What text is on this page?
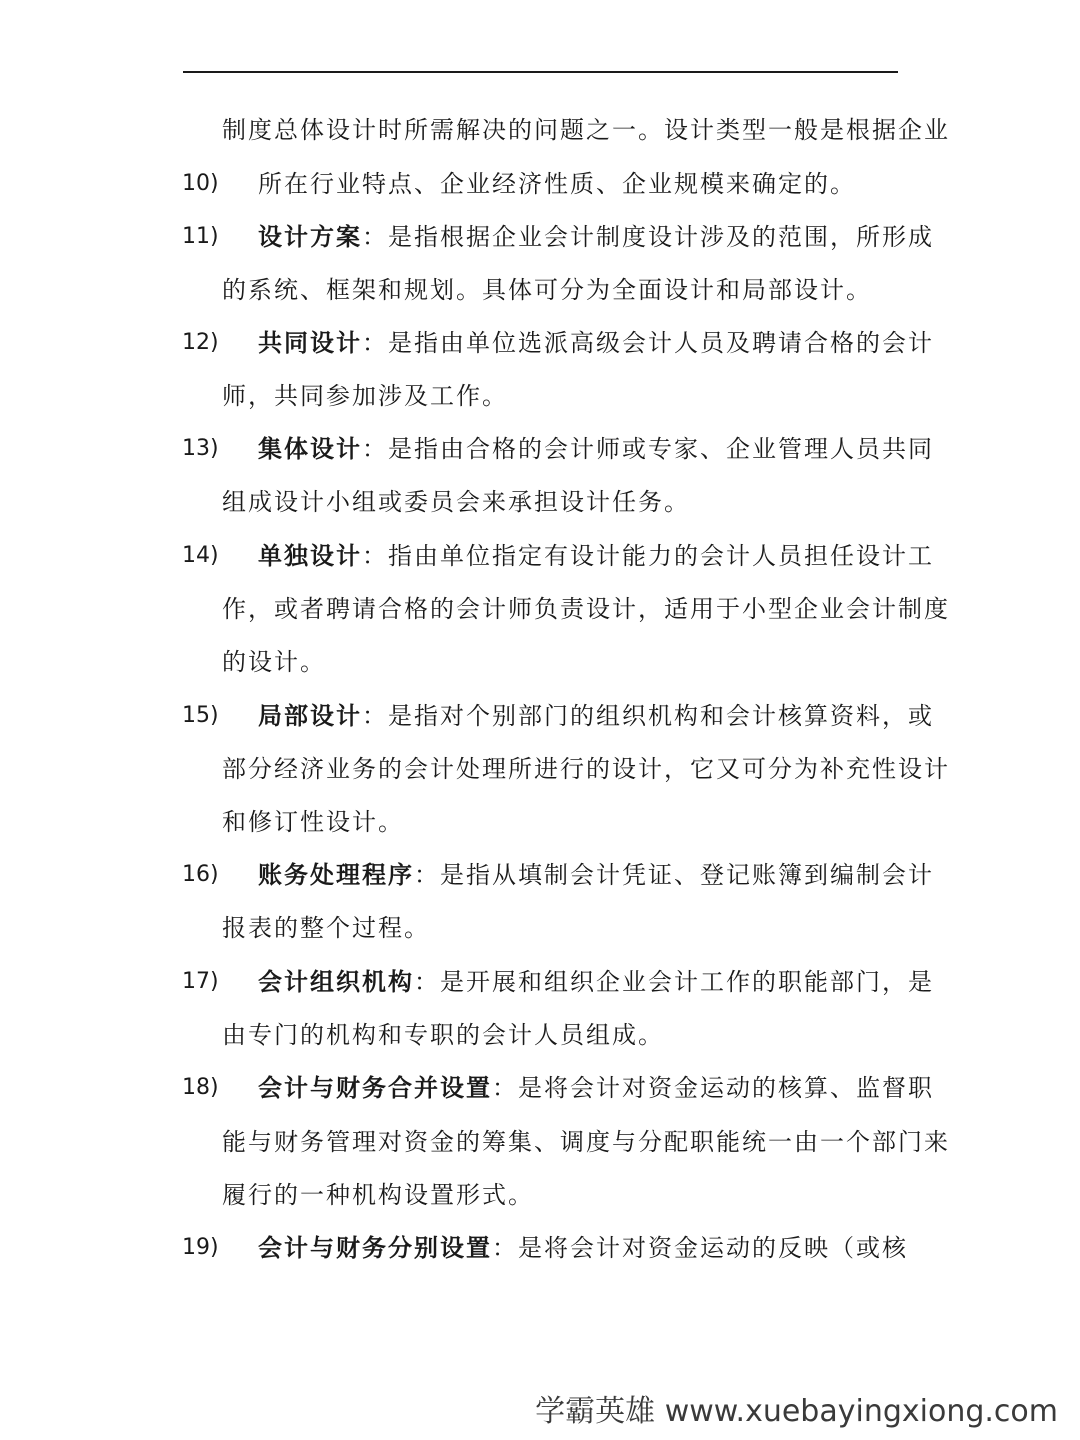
制度总体设计时所需解决的问题之一。设计类型一般是根据企业
10) 所在行业特点、企业经济性质、企业规模来确定的。
11) 设计方案：是指根据企业会计制度设计涉及的范围，所形成
的系统、框架和规划。具体可分为全面设计和局部设计。
12) 共同设计：是指由单位选派高级会计人员及聘请合格的会计
师，共同参加涉及工作。
13) 集体设计：是指由合格的会计师或专家、企业管理人员共同
组成设计小组或委员会来承担设计任务。
14) 单独设计：指由单位指定有设计能力的会计人员担任设计工
作，或者聘请合格的会计师负责设计，适用于小型企业会计制度
的设计。
15) 局部设计：是指对个别部门的组织机构和会计核算资料，或
部分经济业务的会计处理所进行的设计，它又可分为补充性设计
和修订性设计。
16) 账务处理程序：是指从填制会计凭证、登记账簿到编制会计
报表的整个过程。
17) 会计组织机构：是开展和组织企业会计工作的职能部门，是
由专门的机构和专职的会计人员组成。
18) 会计与财务合并设置：是将会计对资金运动的核算、监督职
能与财务管理对资金的筹集、调度与分配职能统一由一个部门来
履行的一种机构设置形式。
19) 会计与财务分别设置：是将会计对资金运动的反映（或核
学霸英雄 www.xuebayingxiong.com
